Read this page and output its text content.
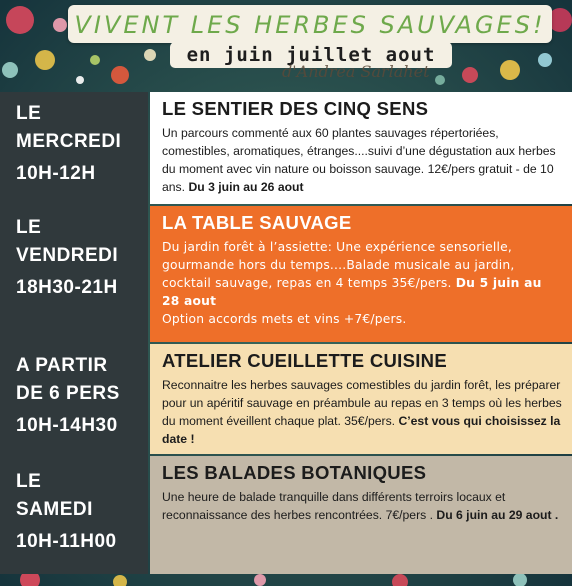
VIVENT LES HERBES SAUVAGES!
en juin juillet aout
d'Andrea Sarlahet
LE
MERCREDI
10H-12H
LE
VENDREDI
18H30-21H
A PARTIR
DE 6 PERS
10H-14H30
LE
SAMEDI
10H-11H00
LE SENTIER DES CINQ SENS

Un parcours commenté aux 60 plantes sauvages répertoriées, comestibles, aromatiques, étranges....suivi d’une dégustation aux herbes du moment avec vin nature ou boisson sauvage. 12€/pers gratuit - de 10 ans. Du 3 juin au 26 aout

LA TABLE SAUVAGE

Du jardin forêt à l’assiette: Une expérience sensorielle, gourmande hors du temps....Balade musicale au jardin, cocktail sauvage, repas en 4 temps 35€/pers. Du 5 juin au 28 aout
Option accords mets et vins +7€/pers.

ATELIER CUEILLETTE CUISINE

Reconnaitre les herbes sauvages comestibles du jardin forêt, les préparer pour un apéritif sauvage en préambule au repas en 3 temps où les herbes du moment éveillent chaque plat. 35€/pers. C’est vous qui choisissez la date !

LES BALADES BOTANIQUES

Une heure de balade tranquille dans différents terroirs locaux et reconnaissance des herbes rencontrées. 7€/pers . Du 6 juin au 29 aout .
